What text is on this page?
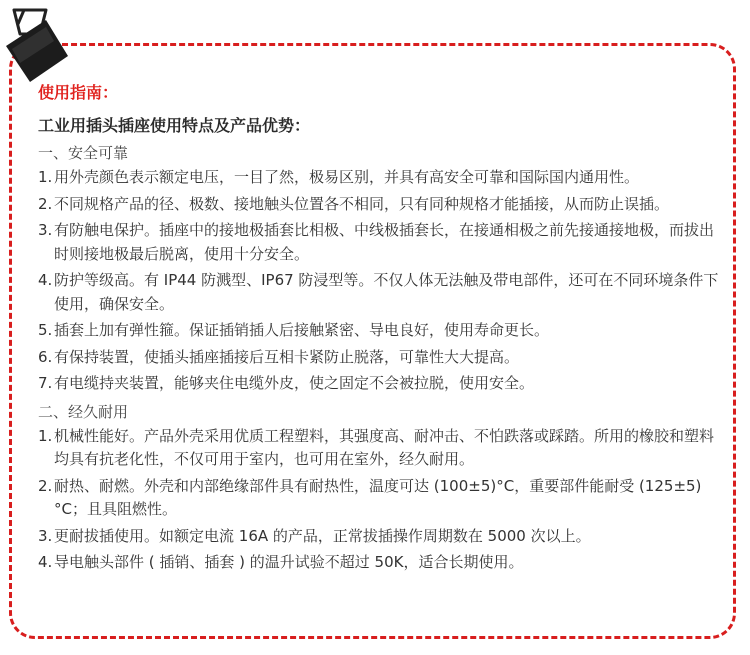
使用指南：
工业用插头插座使用特点及产品优势：
一、安全可靠
1. 用外壳颜色表示额定电压，一目了然，极易区别，并具有高安全可靠和国际国内通用性。
2. 不同规格产品的径、极数、接地触头位置各不相同，只有同种规格才能插接，从而防止误插。
3. 有防触电保护。插座中的接地极插套比相极、中线极插套长，在接通相极之前先接通接地极，而拔出时则接地极最后脱离，使用十分安全。
4. 防护等级高。有 IP44 防溅型、IP67 防浸型等。不仅人体无法触及带电部件，还可在不同环境条件下使用，确保安全。
5. 插套上加有弹性箍。保证插销插人后接触紧密、导电良好，使用寿命更长。
6. 有保持装置，使插头插座插接后互相卡紧防止脱落，可靠性大大提高。
7. 有电缆持夹装置，能够夹住电缆外皮，使之固定不会被拉脱，使用安全。
二、经久耐用
1. 机械性能好。产品外壳采用优质工程塑料，其强度高、耐冲击、不怕跌落或踩踏。所用的橡胶和塑料均具有抗老化性，不仅可用于室内，也可用在室外，经久耐用。
2. 耐热、耐燃。外壳和内部绝缘部件具有耐热性，温度可达 (100±5)°C，重要部件能耐受 (125±5)°C；且具阻燃性。
3. 更耐拔插使用。如额定电流 16A 的产品，正常拔插操作周期数在 5000 次以上。
4. 导电触头部件 ( 插销、插套 ) 的温升试验不超过 50K，适合长期使用。
